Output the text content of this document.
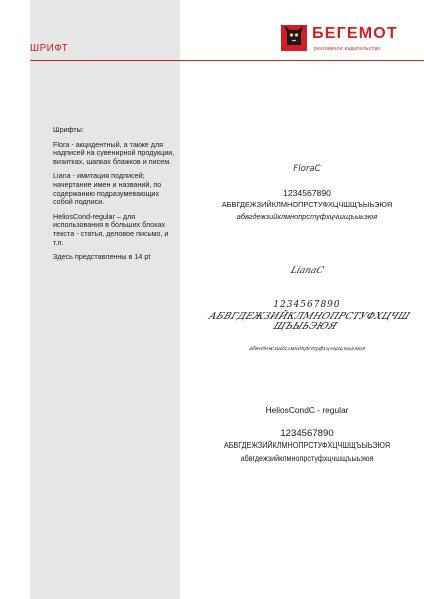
ШРИФТ
БЕГЕМОТ
рекламное издательство

Шрифты:

Flora - акцидентный, а также для надписей на сувенирной продукции, визитках, шапках блажков и писем.

Liana - имитация подписей; начертание имен и названий, по содержанию подразумевающих собой подписи.

HeliosCond-regular – для использования в больших блоках текста - статья, деловое письмо, и т.п.

Здесь представленны в 14 pt

FloraC
1234567890
АБВГДЕЖЗИЙКЛМНОПРСТУФХЦЧШЩЪЫЬЭЮЯ
абвгдежзийклмнопрстуфхцчшщъыьэюя
LianaC
1234567890
АБВГДЕЖЗИЙКЛМНОПРСТУФХЦЧШЩЪЫЬЭЮЯ
абвгдежзийклмнопрстуфхцчшщъыьэюя
HeliosCondC - regular
1234567890
АБВГДЕЖЗИЙКЛМНОПРСТУФХЦЧШЩЪЫЬЭЮЯ
абвгдежзийклмнопрстуфхцчшщъыьэюя
